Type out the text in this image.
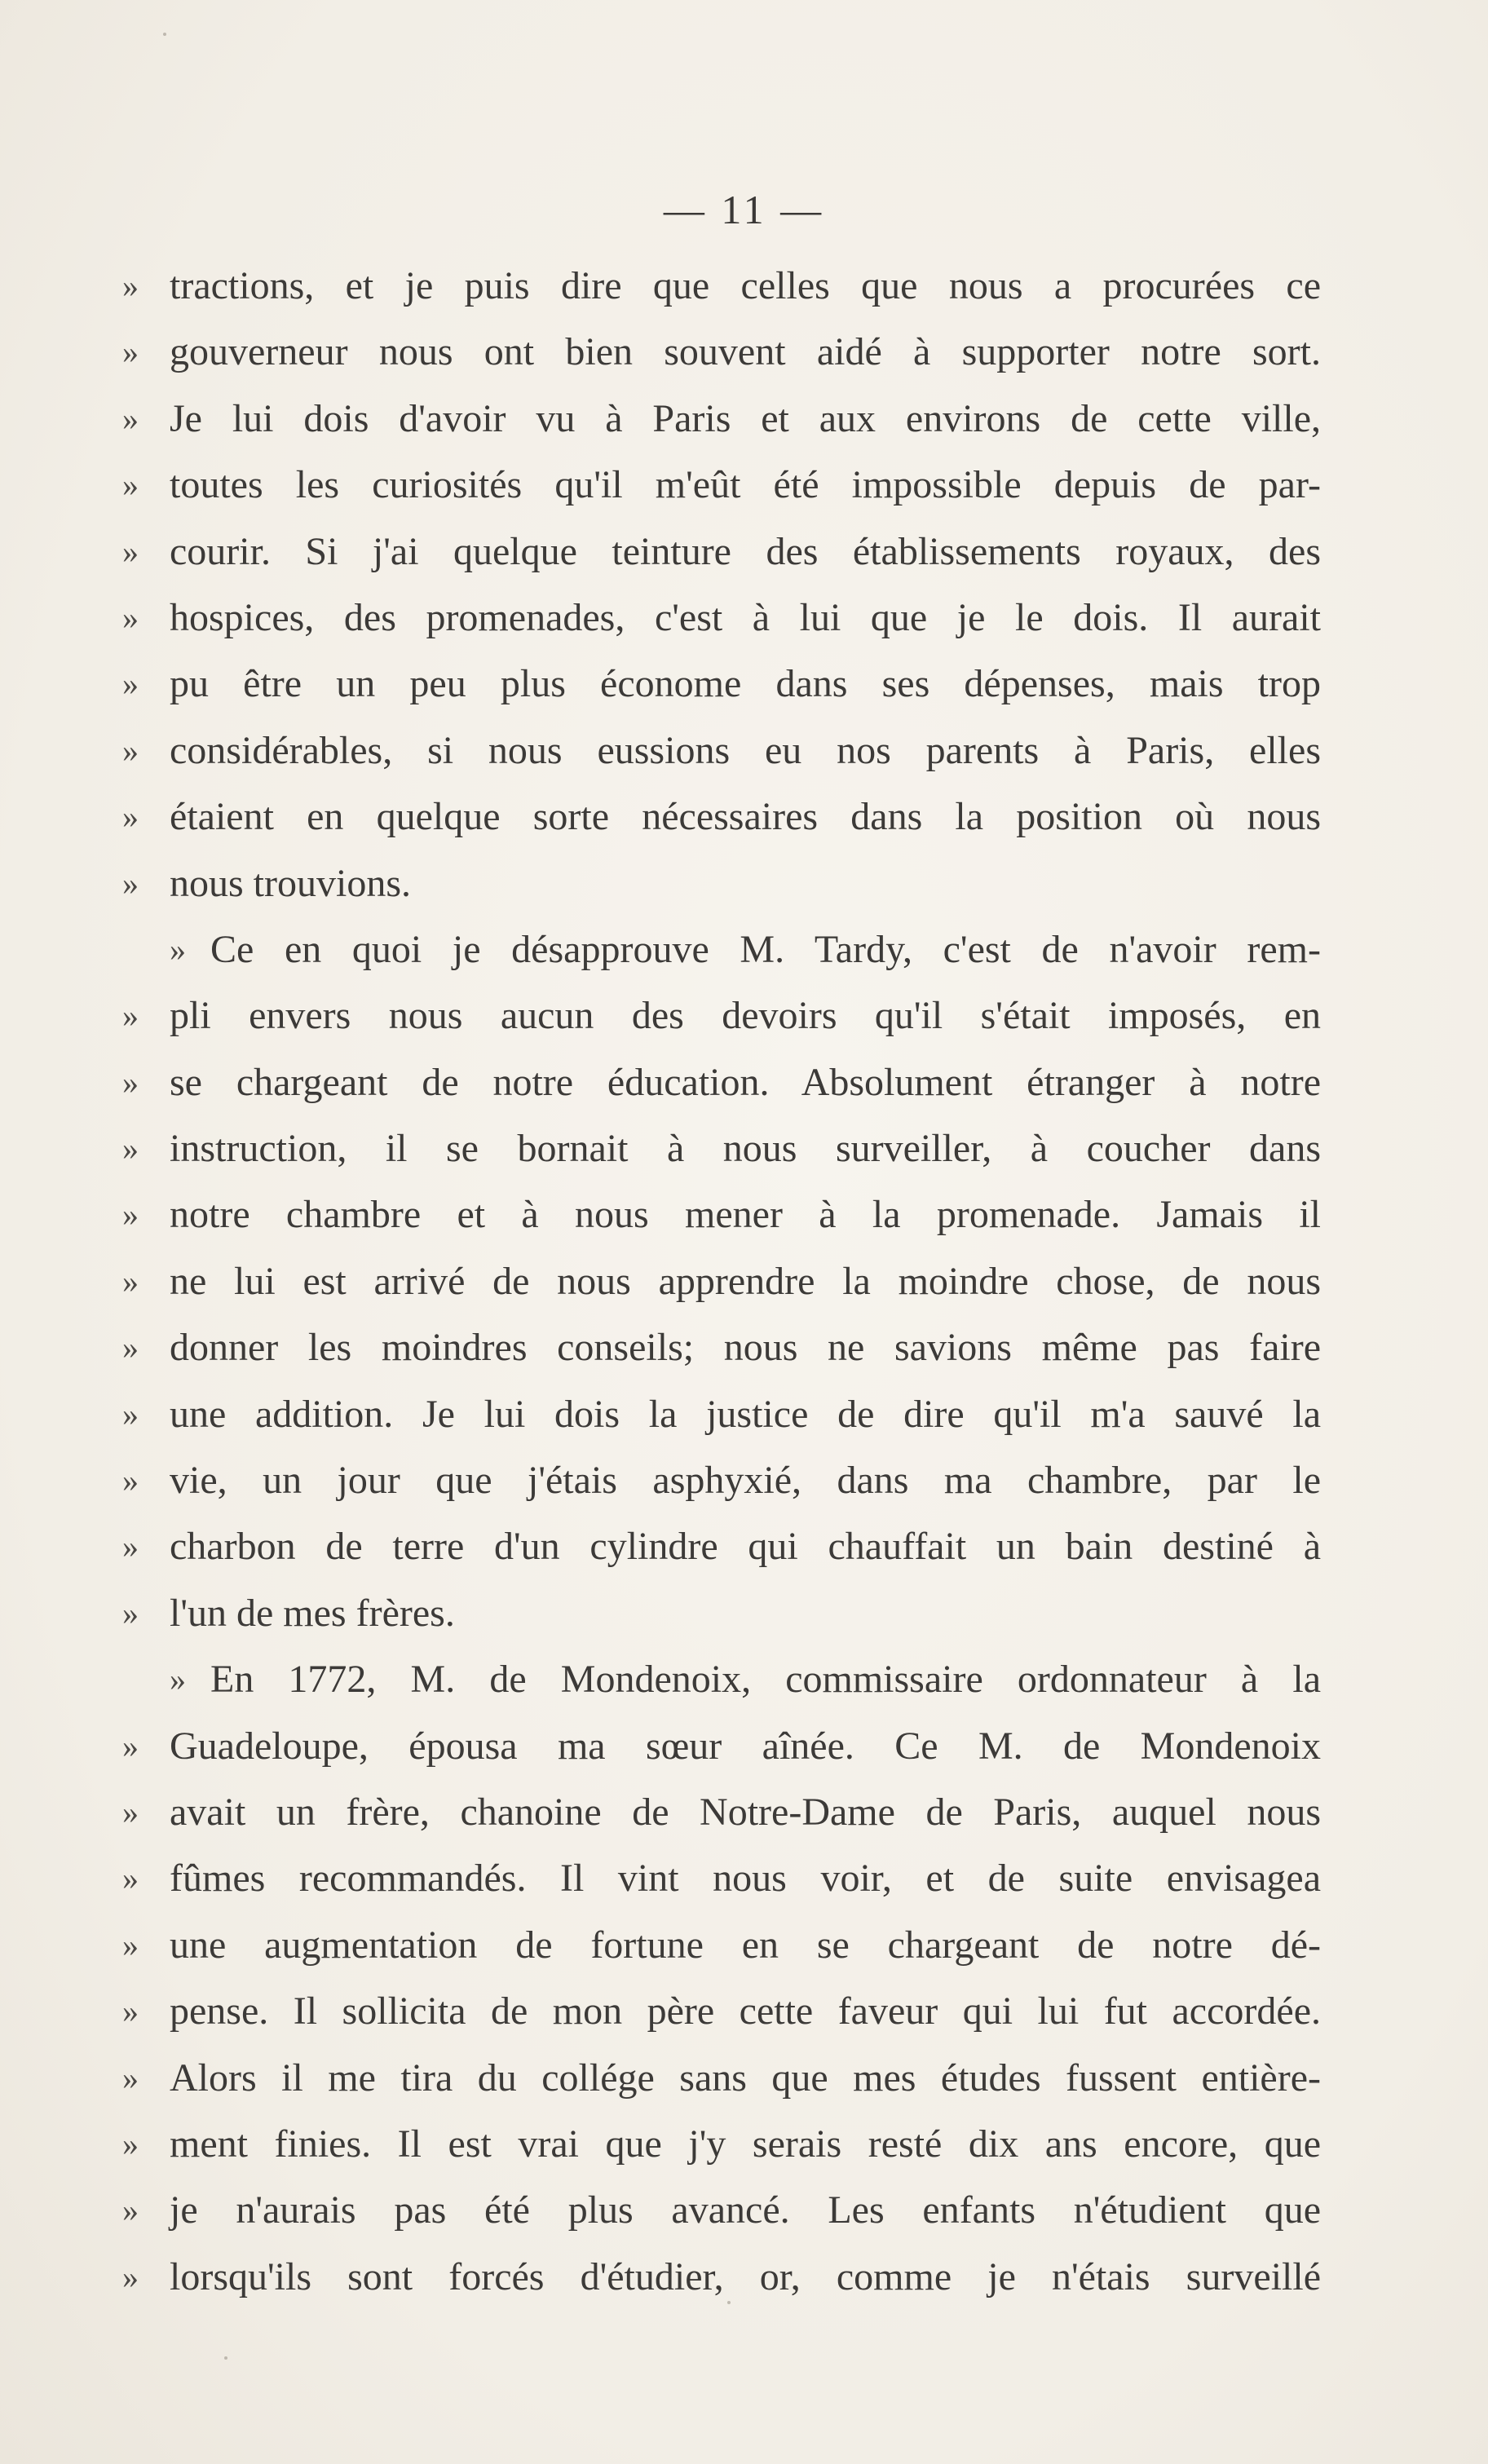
— 11 —
» tractions, et je puis dire que celles que nous a procurées ce
» gouverneur nous ont bien souvent aidé à supporter notre sort.
» Je lui dois d'avoir vu à Paris et aux environs de cette ville,
» toutes les curiosités qu'il m'eût été impossible depuis de par-
» courir. Si j'ai quelque teinture des établissements royaux, des
» hospices, des promenades, c'est à lui que je le dois. Il aurait
» pu être un peu plus économe dans ses dépenses, mais trop
» considérables, si nous eussions eu nos parents à Paris, elles
» étaient en quelque sorte nécessaires dans la position où nous
» nous trouvions.
» Ce en quoi je désapprouve M. Tardy, c'est de n'avoir rem-
» pli envers nous aucun des devoirs qu'il s'était imposés, en
» se chargeant de notre éducation. Absolument étranger à notre
» instruction, il se bornait à nous surveiller, à coucher dans
» notre chambre et à nous mener à la promenade. Jamais il
» ne lui est arrivé de nous apprendre la moindre chose, de nous
» donner les moindres conseils; nous ne savions même pas faire
» une addition. Je lui dois la justice de dire qu'il m'a sauvé la
» vie, un jour que j'étais asphyxié, dans ma chambre, par le
» charbon de terre d'un cylindre qui chauffait un bain destiné à
» l'un de mes frères.
» En 1772, M. de Mondenoix, commissaire ordonnateur à la
» Guadeloupe, épousa ma sœur aînée. Ce M. de Mondenoix
» avait un frère, chanoine de Notre-Dame de Paris, auquel nous
» fûmes recommandés. Il vint nous voir, et de suite envisagea
» une augmentation de fortune en se chargeant de notre dé-
» pense. Il sollicita de mon père cette faveur qui lui fut accordée.
» Alors il me tira du collége sans que mes études fussent entière-
» ment finies. Il est vrai que j'y serais resté dix ans encore, que
» je n'aurais pas été plus avancé. Les enfants n'étudient que
» lorsqu'ils sont forcés d'étudier, or, comme je n'étais surveillé
